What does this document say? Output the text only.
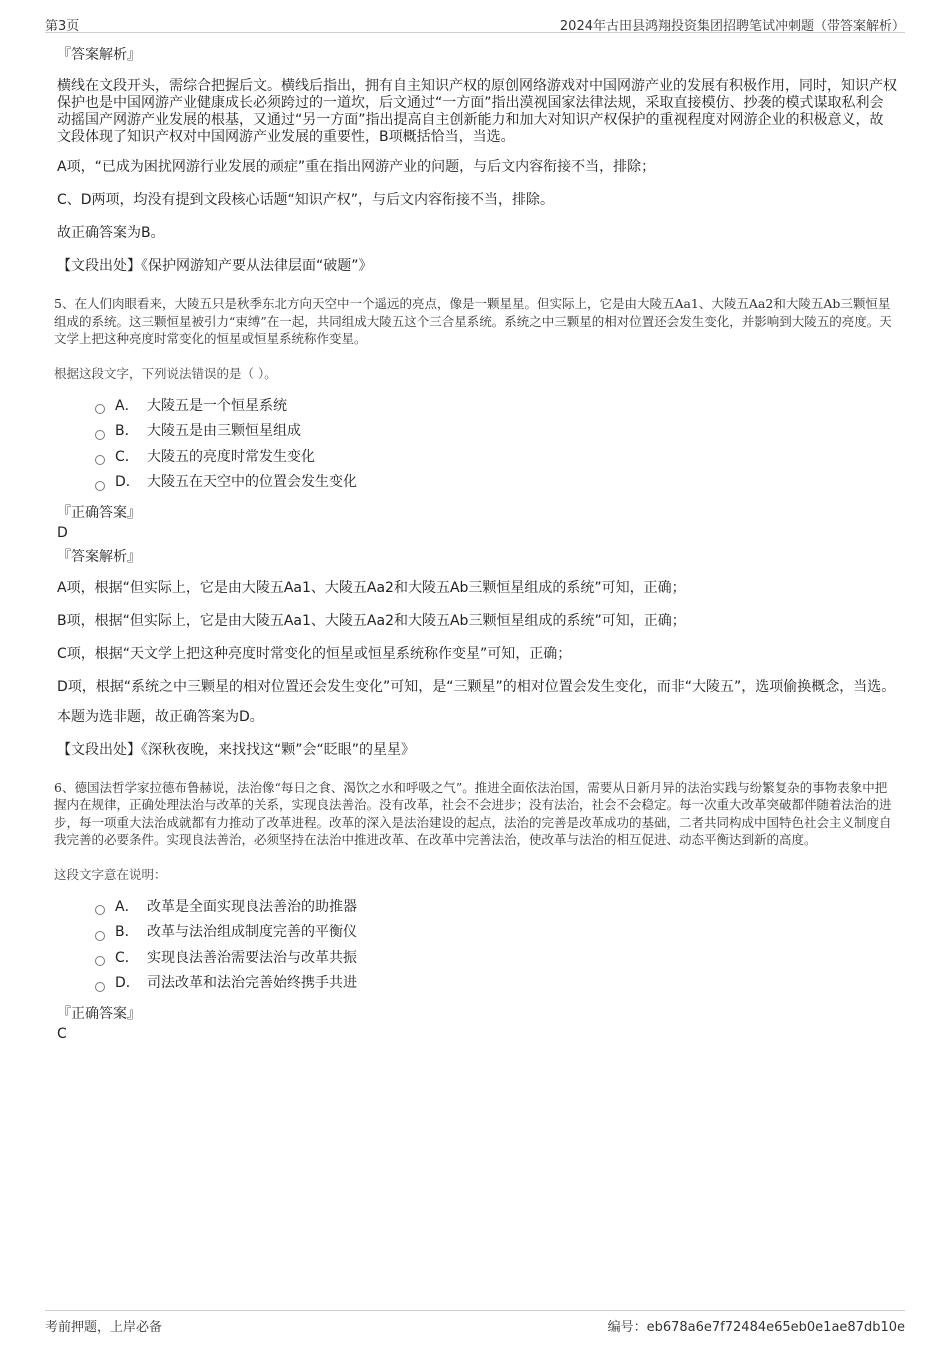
第3页	2024年古田县鸿翔投资集团招聘笔试冲刺题（带答案解析）
『答案解析』
横线在文段开头，需综合把握后文。横线后指出，拥有自主知识产权的原创网络游戏对中国网游产业的发展有积极作用，同时，知识产权保护也是中国网游产业健康成长必须跨过的一道坎，后文通过“一方面”指出漠视国家法律法规，采取直接模仿、抄袭的模式谋取私利会动摇国产网游产业发展的根基，又通过“另一方面”指出提高自主创新能力和加大对知识产权保护的重视程度对网游企业的积极意义，故文段体现了知识产权对中国网游产业发展的重要性，B项概括恰当，当选。
A项，“已成为困扰网游行业发展的顽症”重在指出网游产业的问题，与后文内容衔接不当，排除；
C、D两项，均没有提到文段核心话题“知识产权”，与后文内容衔接不当，排除。
故正确答案为B。
【文段出处】《保护网游知产要从法律层面“破题”》
5、在人们肉眼看来，大陵五只是秋季东北方向天空中一个遥远的亮点，像是一颗星星。但实际上，它是由大陵五Aa1、大陵五Aa2和大陵五Ab三颗恒星组成的系统。这三颗恒星被引力“束缚”在一起，共同组成大陵五这个三合星系统。系统之中三颗星的相对位置还会发生变化，并影响到大陵五的亮度。天文学上把这种亮度时常变化的恒星或恒星系统称作变星。
根据这段文字，下列说法错误的是（ ）。
A． 大陵五是一个恒星系统
B． 大陵五是由三颗恒星组成
C． 大陵五的亮度时常发生变化
D． 大陵五在天空中的位置会发生变化
『正确答案』
D
『答案解析』
A项，根据“但实际上，它是由大陵五Aa1、大陵五Aa2和大陵五Ab三颗恒星组成的系统”可知，正确；
B项，根据“但实际上，它是由大陵五Aa1、大陵五Aa2和大陵五Ab三颗恒星组成的系统”可知，正确；
C项，根据“天文学上把这种亮度时常变化的恒星或恒星系统称作变星”可知，正确；
D项，根据“系统之中三颗星的相对位置还会发生变化”可知，是“三颗星”的相对位置会发生变化，而非“大陵五”，选项偷换概念，当选。
本题为选非题，故正确答案为D。
【文段出处】《深秋夜晚，来找找这“颗”会“眨眼”的星星》
6、德国法哲学家拉德布鲁赫说，法治像“每日之食、渴饮之水和呼吸之气”。推进全面依法治国，需要从日新月异的法治实践与纷繁复杂的事物表象中把握内在规律，正确处理法治与改革的关系，实现良法善治。没有改革，社会不会进步；没有法治，社会不会稳定。每一次重大改革突破都伴随着法治的进步，每一项重大法治成就都有力推动了改革进程。改革的深入是法治建设的起点，法治的完善是改革成功的基础，二者共同构成中国特色社会主义制度自我完善的必要条件。实现良法善治，必须坚持在法治中推进改革、在改革中完善法治，使改革与法治的相互促进、动态平衡达到新的高度。
这段文字意在说明：
A． 改革是全面实现良法善治的助推器
B． 改革与法治组成制度完善的平衡仪
C． 实现良法善治需要法治与改革共振
D． 司法改革和法治完善始终携手共进
『正确答案』
C
考前押题，上岸必备	编号：eb678a6e7f72484e65eb0e1ae87db10e
